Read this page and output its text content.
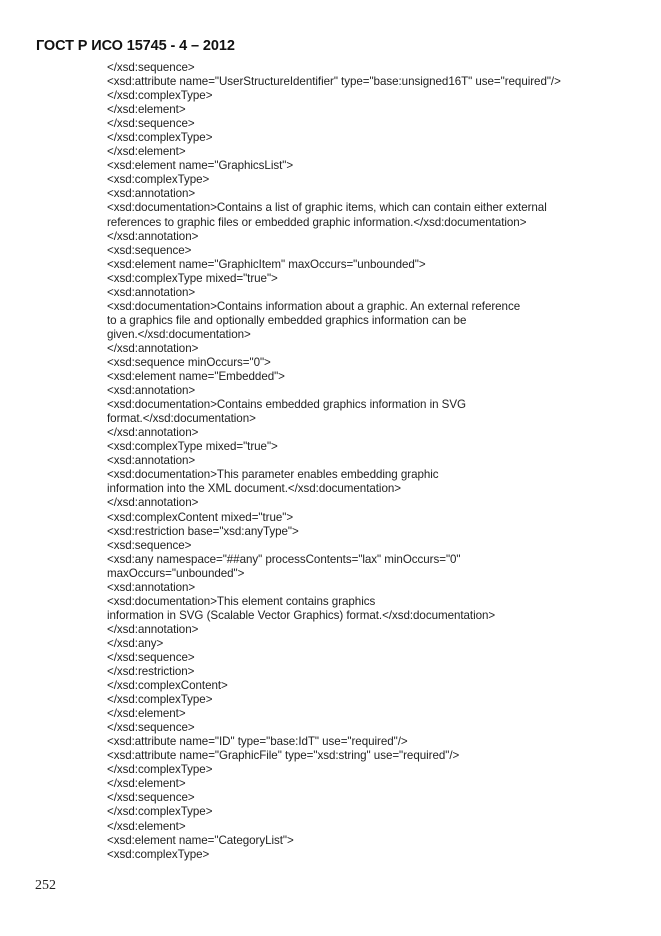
ГОСТ Р ИСО 15745 - 4 – 2012
</xsd:sequence>
<xsd:attribute name="UserStructureIdentifier" type="base:unsigned16T" use="required"/>
</xsd:complexType>
</xsd:element>
</xsd:sequence>
</xsd:complexType>
</xsd:element>
<xsd:element name="GraphicsList">
<xsd:complexType>
<xsd:annotation>
<xsd:documentation>Contains a list of graphic items, which can contain either external
references to graphic files or embedded graphic information.</xsd:documentation>
</xsd:annotation>
<xsd:sequence>
<xsd:element name="GraphicItem" maxOccurs="unbounded">
<xsd:complexType mixed="true">
<xsd:annotation>
<xsd:documentation>Contains information about a graphic. An external reference
to a graphics file and optionally embedded graphics information can be
given.</xsd:documentation>
</xsd:annotation>
<xsd:sequence minOccurs="0">
<xsd:element name="Embedded">
<xsd:annotation>
<xsd:documentation>Contains embedded graphics information in SVG
format.</xsd:documentation>
</xsd:annotation>
<xsd:complexType mixed="true">
<xsd:annotation>
<xsd:documentation>This parameter enables embedding graphic
information into the XML document.</xsd:documentation>
</xsd:annotation>
<xsd:complexContent mixed="true">
<xsd:restriction base="xsd:anyType">
<xsd:sequence>
<xsd:any namespace="##any" processContents="lax" minOccurs="0"
maxOccurs="unbounded">
<xsd:annotation>
<xsd:documentation>This element contains graphics
information in SVG (Scalable Vector Graphics) format.</xsd:documentation>
</xsd:annotation>
</xsd:any>
</xsd:sequence>
</xsd:restriction>
</xsd:complexContent>
</xsd:complexType>
</xsd:element>
</xsd:sequence>
<xsd:attribute name="ID" type="base:IdT" use="required"/>
<xsd:attribute name="GraphicFile" type="xsd:string" use="required"/>
</xsd:complexType>
</xsd:element>
</xsd:sequence>
</xsd:complexType>
</xsd:element>
<xsd:element name="CategoryList">
<xsd:complexType>
252
